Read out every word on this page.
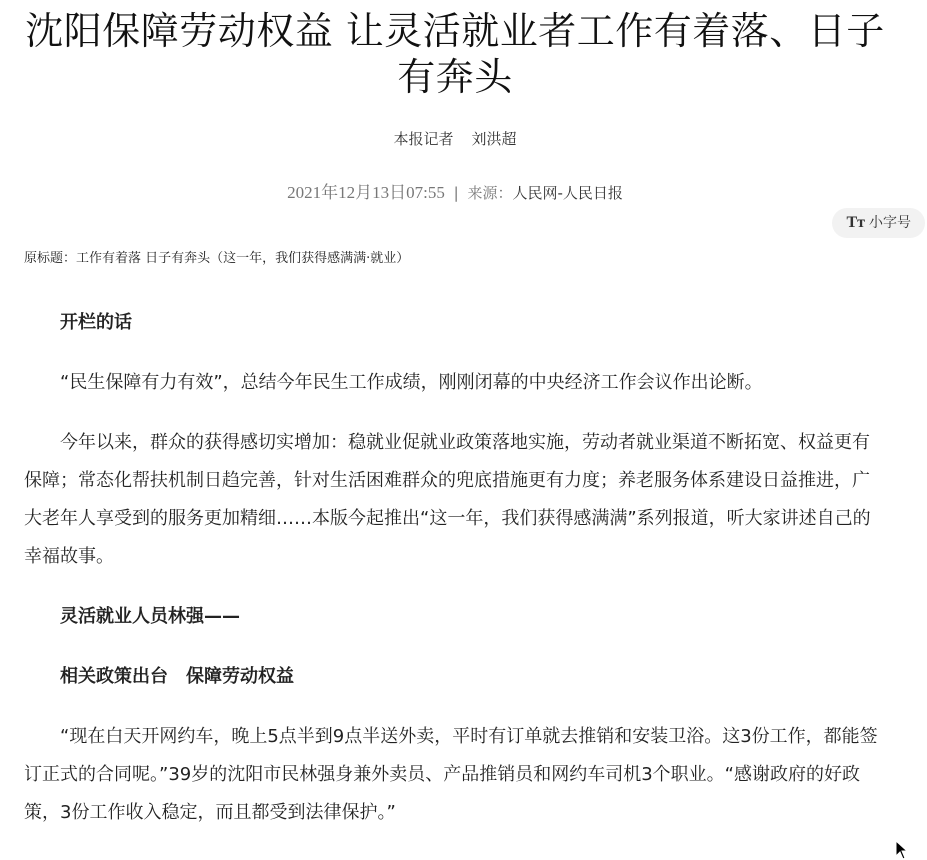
沈阳保障劳动权益 让灵活就业者工作有着落、日子有奔头
本报记者 刘洪超
2021年12月13日07:55 | 来源：人民网-人民日报
原标题：工作有着落 日子有奔头（这一年，我们获得感满满·就业）

开栏的话

“民生保障有力有效”，总结今年民生工作成绩，刚刚闭幕的中央经济工作会议作出论断。

今年以来，群众的获得感切实增加：稳就业促就业政策落地实施，劳动者就业渠道不断拓宽、权益更有保障；常态化帮扶机制日趋完善，针对生活困难群众的兜底措施更有力度；养老服务体系建设日益推进，广大老年人享受到的服务更加精细……本版今起推出“这一年，我们获得感满满”系列报道，听大家讲述自己的幸福故事。

灵活就业人员林强——

相关政策出台　保障劳动权益

“现在白天开网约车，晚上5点半到9点半送外卖，平时有订单就去推销和安装卫浴。这3份工作，都能签订正式的合同呢。”39岁的沈阳市民林强身兼外卖员、产品推销员和网约车司机3个职业。“感谢政府的好政策，3份工作收入稳定，而且都受到法律保护。”

Tт 小字号
